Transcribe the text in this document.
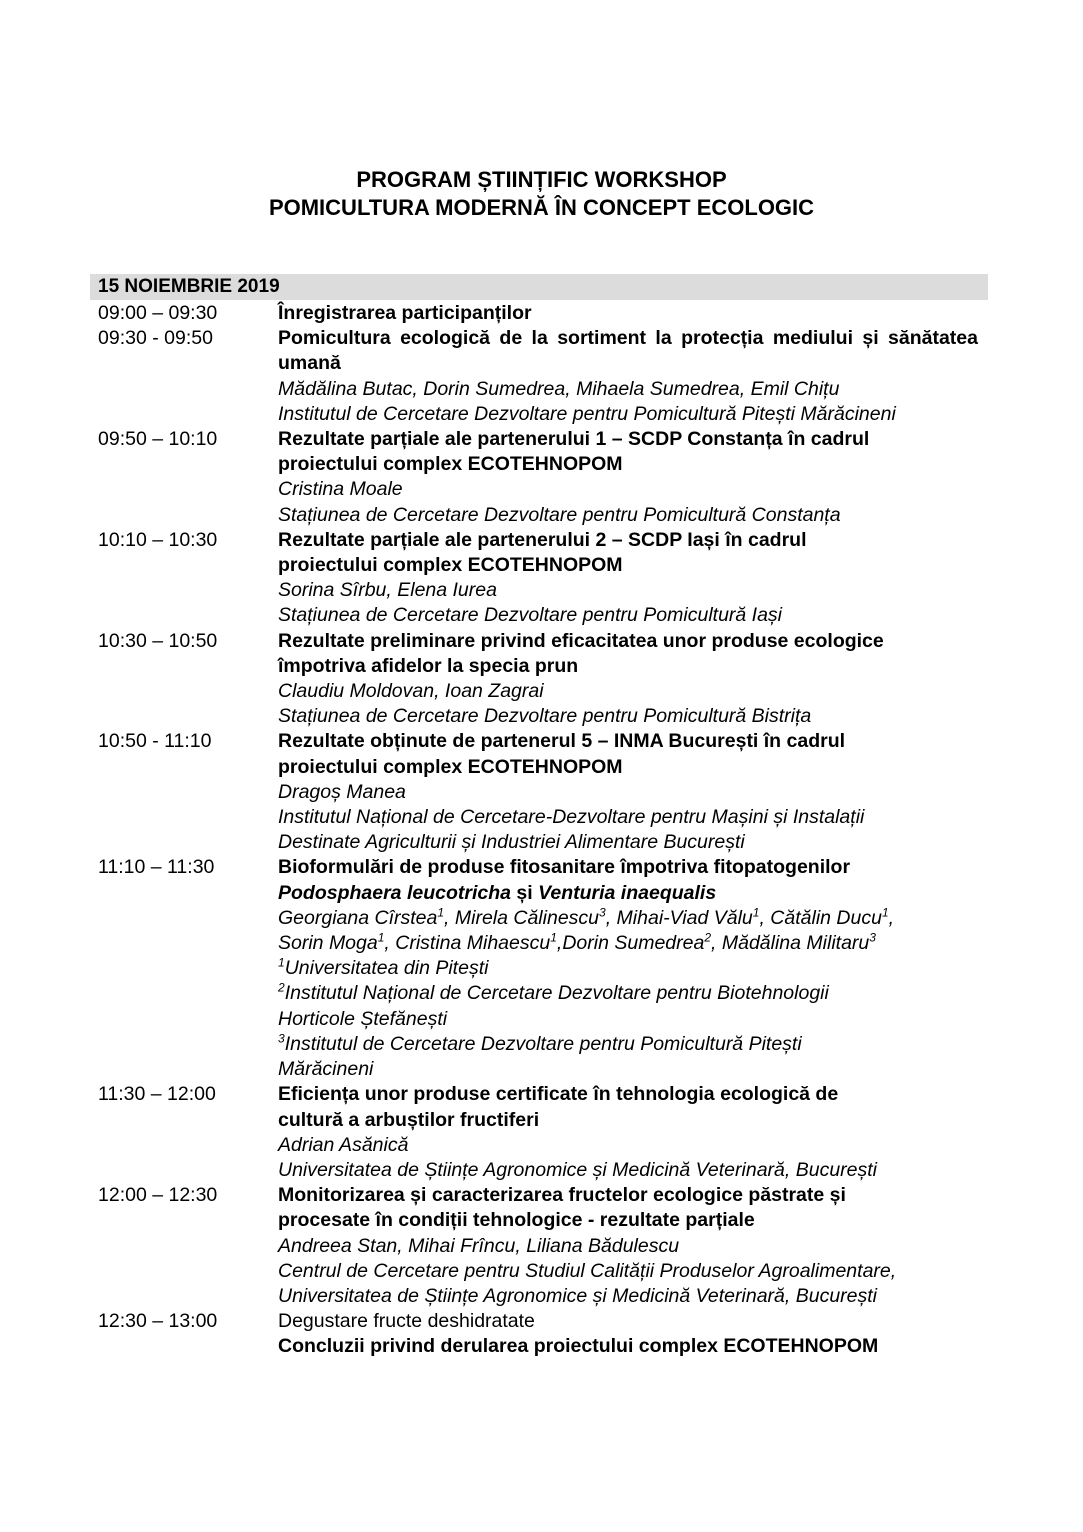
PROGRAM ȘTIINȚIFIC WORKSHOP
POMICULTURA MODERNĂ ÎN CONCEPT ECOLOGIC
15 NOIEMBRIE 2019
09:00 – 09:30	Înregistrarea participanților
09:30 - 09:50	Pomicultura ecologică de la sortiment la protecția mediului și sănătatea umană
Mădălina Butac, Dorin Sumedrea, Mihaela Sumedrea, Emil Chițu
Institutul de Cercetare Dezvoltare pentru Pomicultură Pitești Mărăcineni
09:50 – 10:10	Rezultate parțiale ale partenerului 1 – SCDP Constanța în cadrul
proiectului complex ECOTEHNOPOM
Cristina Moale
Stațiunea de Cercetare Dezvoltare pentru Pomicultură Constanța
10:10 – 10:30	Rezultate parțiale ale partenerului 2 – SCDP Iași în cadrul
proiectului complex ECOTEHNOPOM
Sorina Sîrbu, Elena Iurea
Stațiunea de Cercetare Dezvoltare pentru Pomicultură Iași
10:30 – 10:50	Rezultate preliminare privind eficacitatea unor produse ecologice
împotriva afidelor la specia prun
Claudiu Moldovan, Ioan Zagrai
Stațiunea de Cercetare Dezvoltare pentru Pomicultură Bistrița
10:50 - 11:10	Rezultate obținute de partenerul 5 – INMA București în cadrul
proiectului complex ECOTEHNOPOM
Dragoș Manea
Institutul Național de Cercetare-Dezvoltare pentru Mașini și Instalații
Destinate Agriculturii și Industriei Alimentare București
11:10 – 11:30	Bioformulări de produse fitosanitare împotriva fitopatogenilor
Podosphaera leucotricha și Venturia inaequalis
Georgiana Cîrstea$^1$, Mirela Călinescu$^3$, Mihai-Viad Vălu$^1$, Cătălin Ducu$^1$,
Sorin Moga$^1$, Cristina Mihaescu$^1$,Dorin Sumedrea$^2$, Mădălina Militaru$^3$
$^1$Universitatea din Pitești
$^2$Institutul Național de Cercetare Dezvoltare pentru Biotehnologii
Horticole Ștefănești
$^3$Institutul de Cercetare Dezvoltare pentru Pomicultură Pitești
Mărăcineni
11:30 – 12:00	Eficiența unor produse certificate în tehnologia ecologică de
cultură a arbuștilor fructiferi
Adrian Asănică
Universitatea de Științe Agronomice și Medicină Veterinară, București
12:00 – 12:30	Monitorizarea și caracterizarea fructelor ecologice păstrate și
procesate în condiții tehnologice - rezultate parțiale
Andreea Stan, Mihai Frîncu, Liliana Bădulescu
Centrul de Cercetare pentru Studiul Calității Produselor Agroalimentare,
Universitatea de Științe Agronomice și Medicină Veterinară, București
12:30 – 13:00	Degustare fructe deshidratate
Concluzii privind derularea proiectului complex ECOTEHNOPOM
